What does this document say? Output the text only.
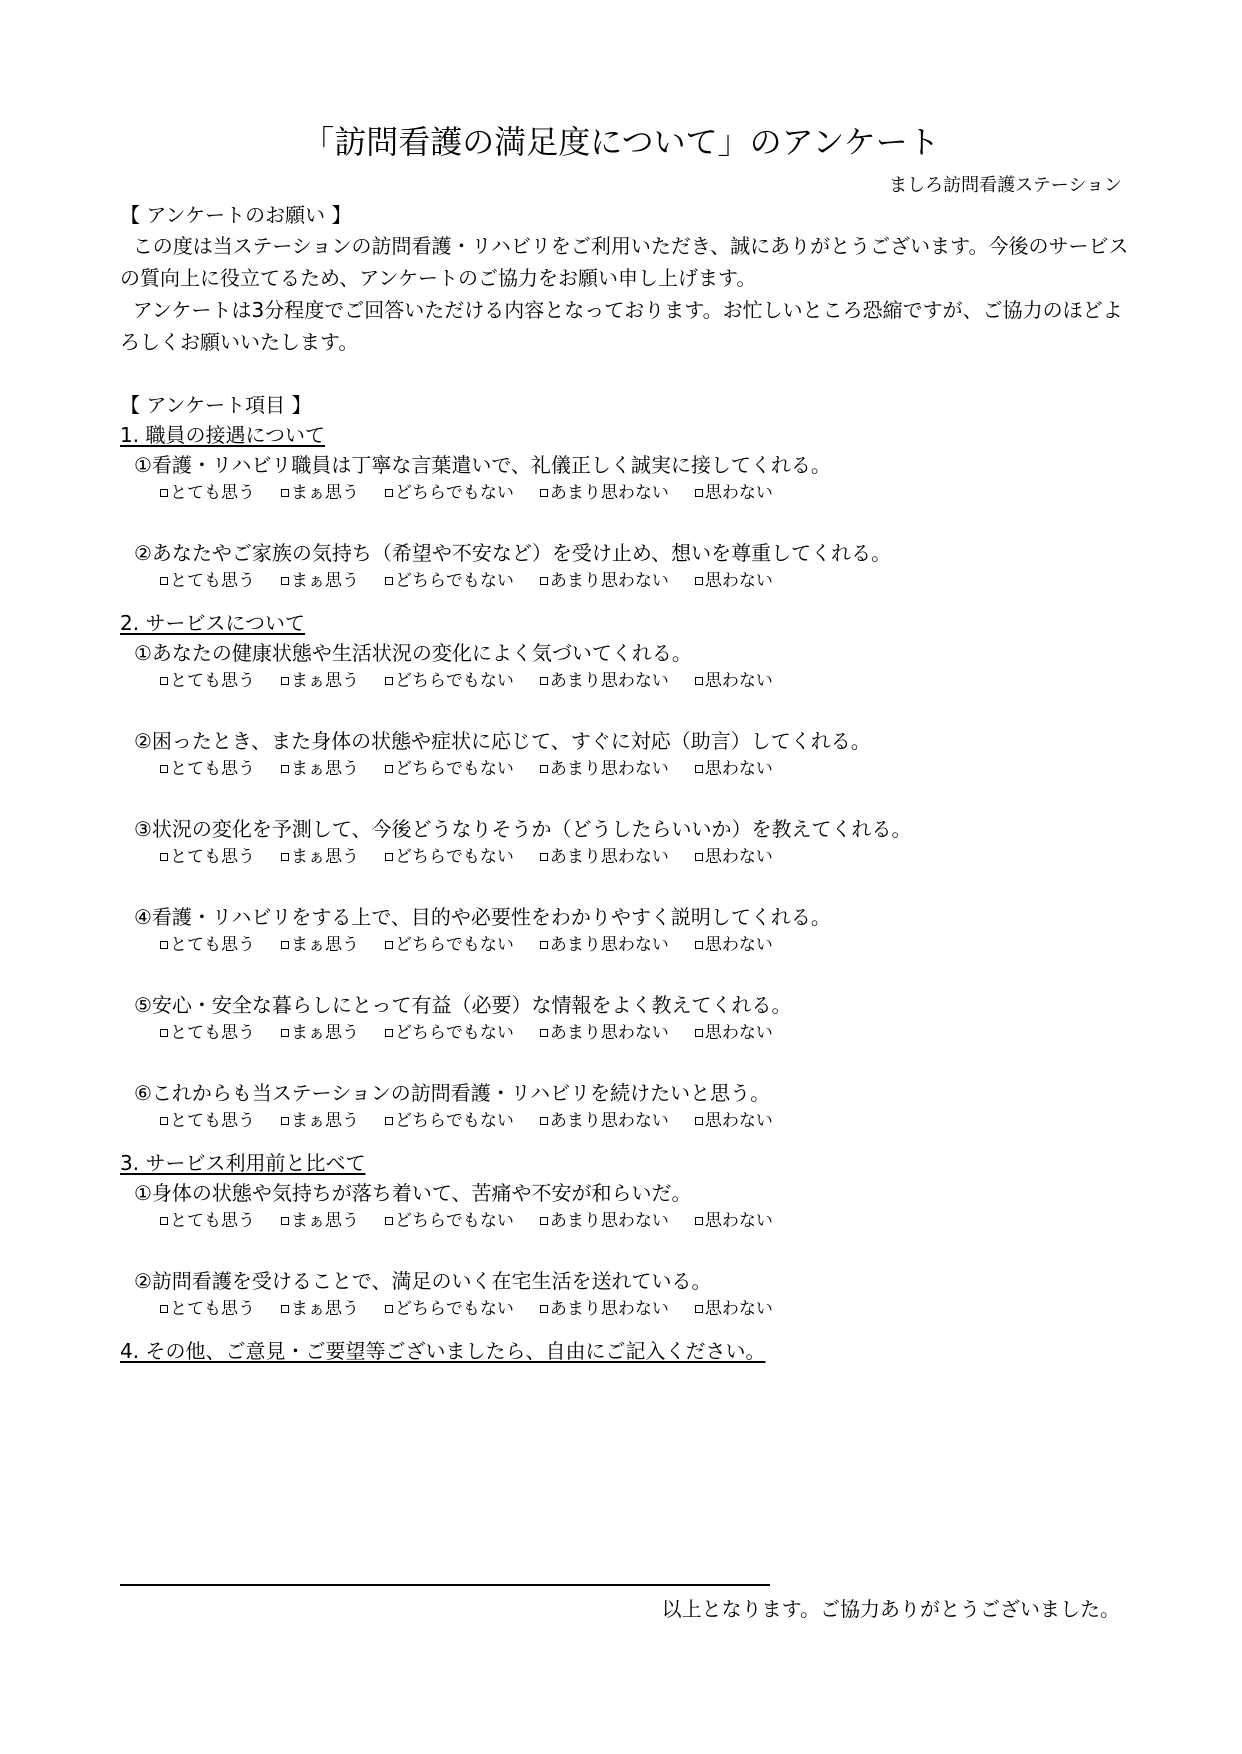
「訪問看護の満足度について」のアンケート
ましろ訪問看護ステーション

【 アンケートのお願い 】

この度は当ステーションの訪問看護・リハビリをご利用いただき、誠にありがとうございます。今後のサービスの質向上に役立てるため、アンケートのご協力をお願い申し上げます。

アンケートは3分程度でご回答いただける内容となっております。お忙しいところ恐縮ですが、ご協力のほどよろしくお願いいたします。

【 アンケート項目 】

1. 職員の接遇について

①看護・リハビリ職員は丁寧な言葉遣いで、礼儀正しく誠実に接してくれる。

とても思う まぁ思う どちらでもない あまり思わない 思わない

②あなたやご家族の気持ち（希望や不安など）を受け止め、想いを尊重してくれる。

とても思う まぁ思う どちらでもない あまり思わない 思わない

2. サービスについて

①あなたの健康状態や生活状況の変化によく気づいてくれる。

とても思う まぁ思う どちらでもない あまり思わない 思わない

②困ったとき、また身体の状態や症状に応じて、すぐに対応（助言）してくれる。

とても思う まぁ思う どちらでもない あまり思わない 思わない

③状況の変化を予測して、今後どうなりそうか（どうしたらいいか）を教えてくれる。

とても思う まぁ思う どちらでもない あまり思わない 思わない

④看護・リハビリをする上で、目的や必要性をわかりやすく説明してくれる。

とても思う まぁ思う どちらでもない あまり思わない 思わない

⑤安心・安全な暮らしにとって有益（必要）な情報をよく教えてくれる。

とても思う まぁ思う どちらでもない あまり思わない 思わない

⑥これからも当ステーションの訪問看護・リハビリを続けたいと思う。

とても思う まぁ思う どちらでもない あまり思わない 思わない

3. サービス利用前と比べて

①身体の状態や気持ちが落ち着いて、苦痛や不安が和らいだ。

とても思う まぁ思う どちらでもない あまり思わない 思わない

②訪問看護を受けることで、満足のいく在宅生活を送れている。

とても思う まぁ思う どちらでもない あまり思わない 思わない

4. その他、ご意見・ご要望等ございましたら、自由にご記入ください。

以上となります。ご協力ありがとうございました。
